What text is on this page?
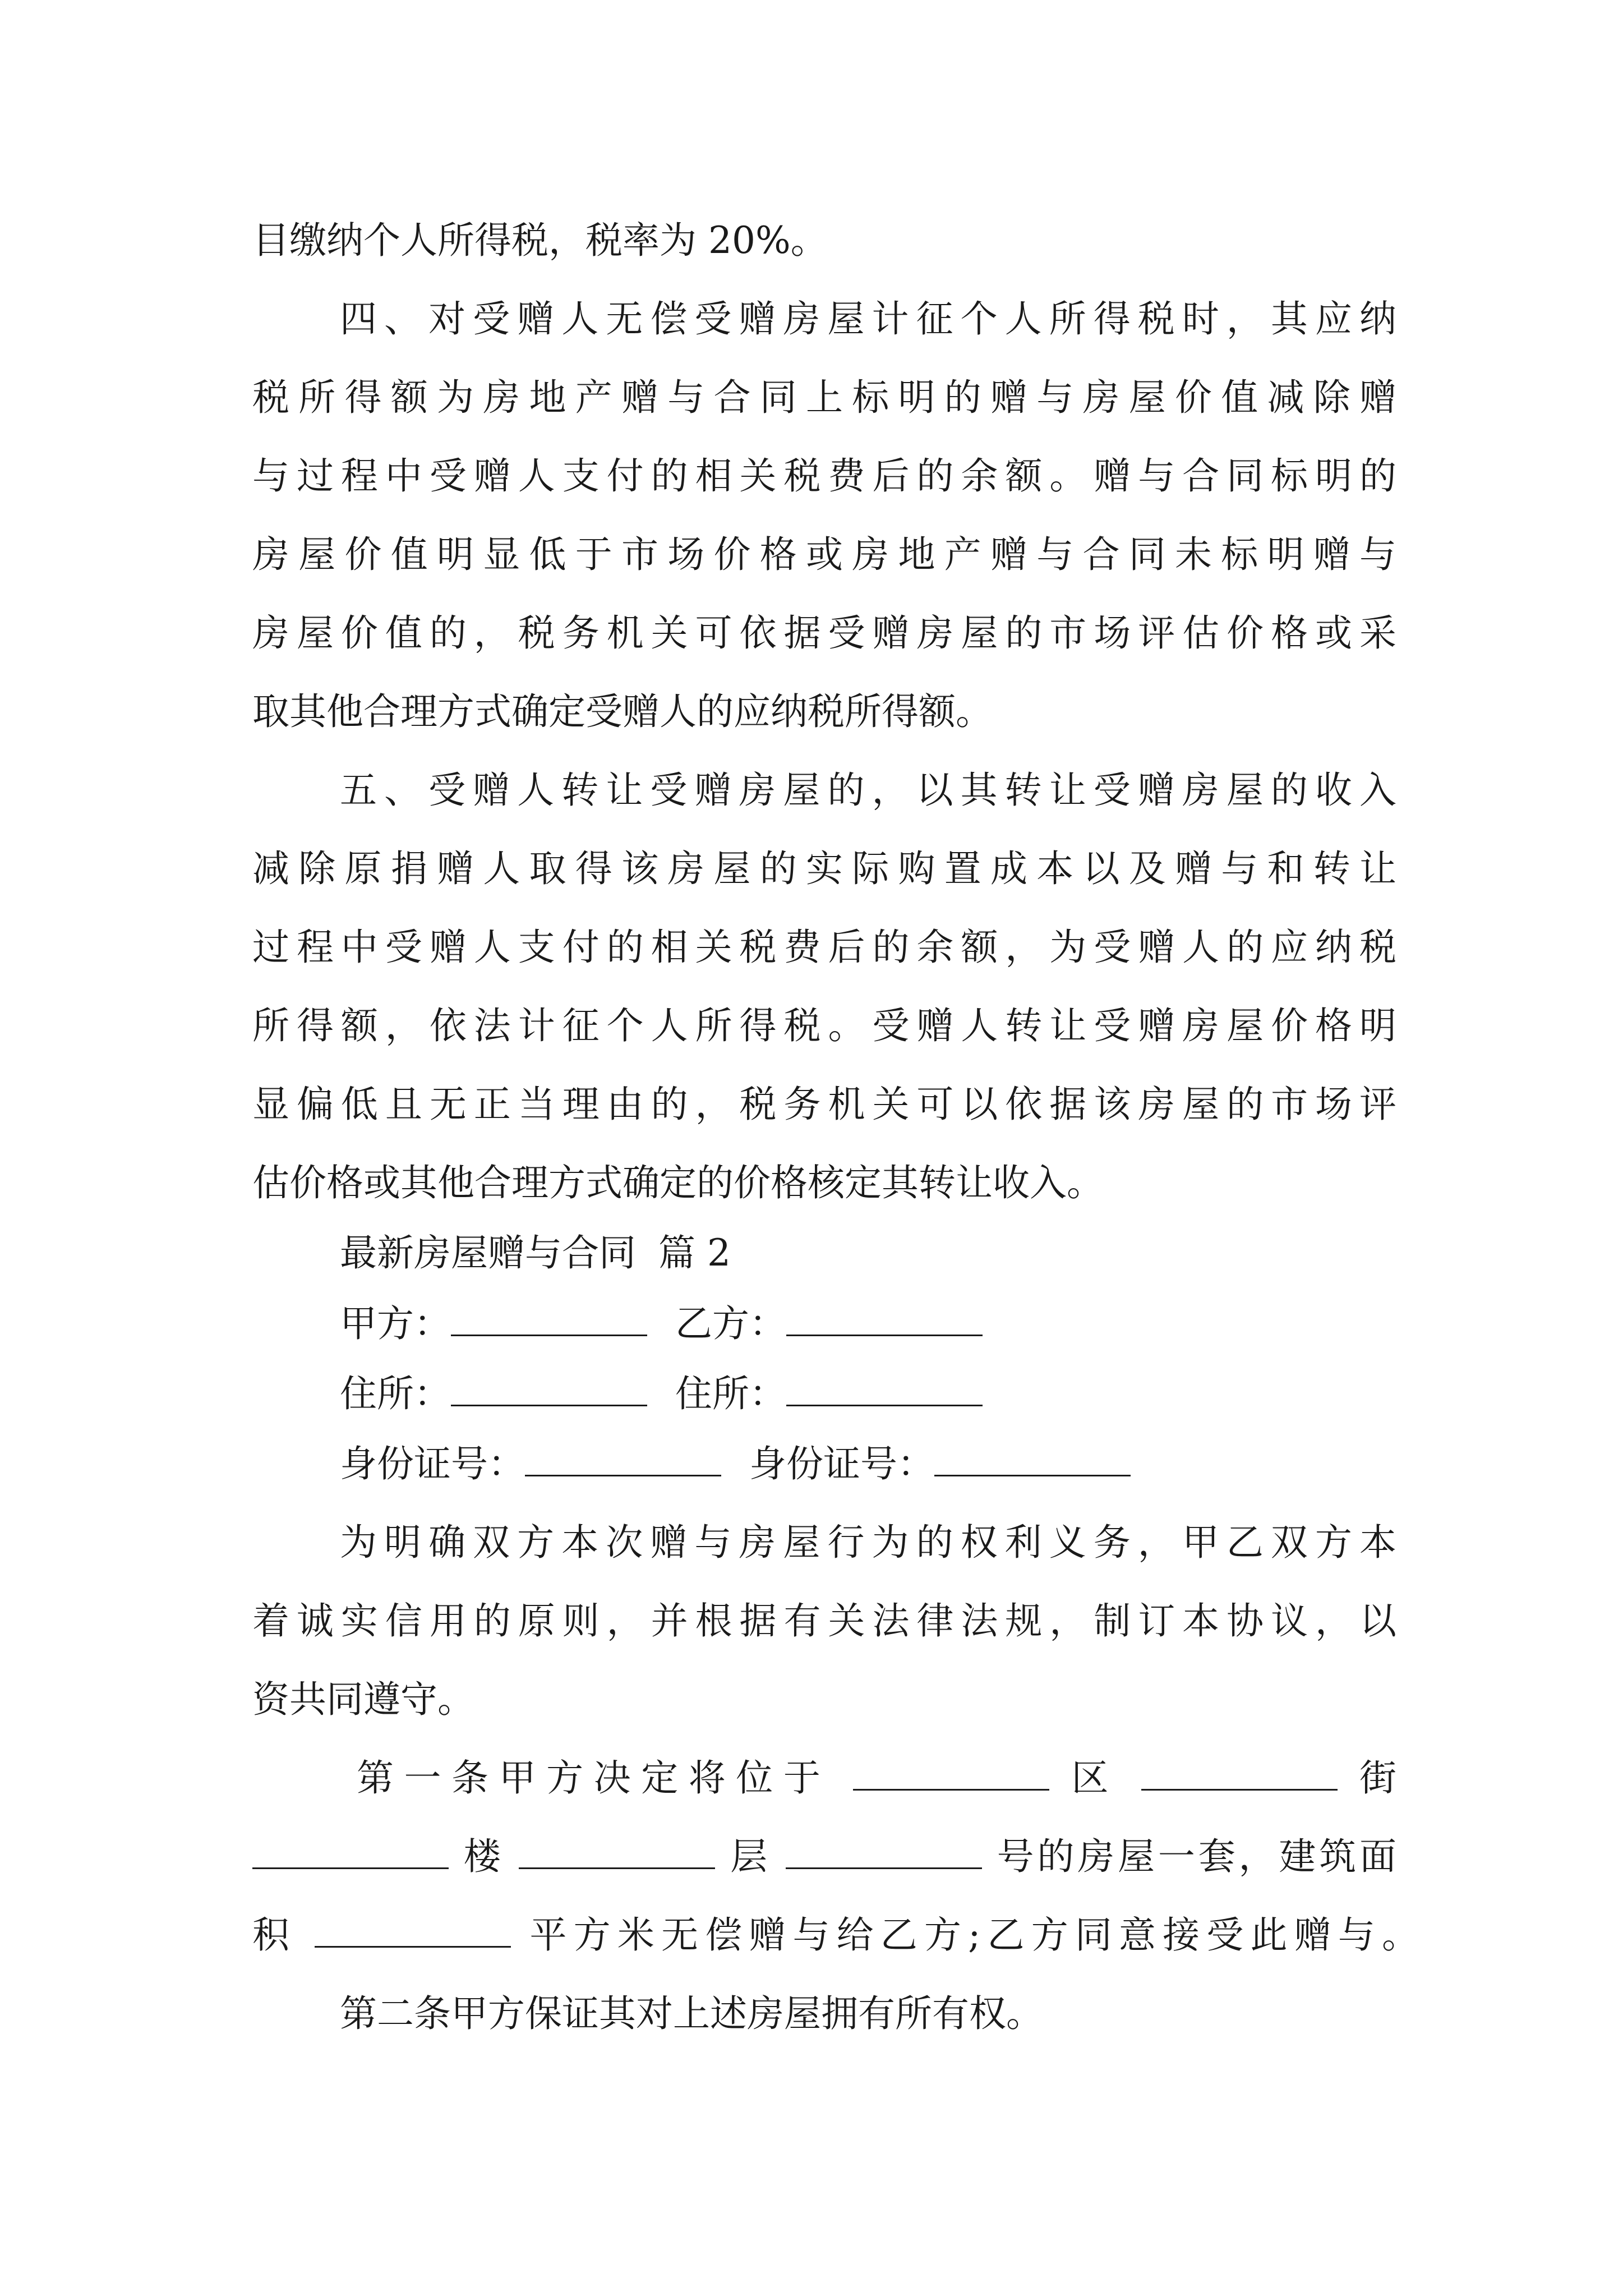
目缴纳个人所得税，税率为 20%。
四、对受赠人无偿受赠房屋计征个人所得税时，其应纳
税所得额为房地产赠与合同上标明的赠与房屋价值减除赠
与过程中受赠人支付的相关税费后的余额。赠与合同标明的
房屋价值明显低于市场价格或房地产赠与合同未标明赠与
房屋价值的，税务机关可依据受赠房屋的市场评估价格或采
取其他合理方式确定受赠人的应纳税所得额。
五、受赠人转让受赠房屋的，以其转让受赠房屋的收入
减除原捐赠人取得该房屋的实际购置成本以及赠与和转让
过程中受赠人支付的相关税费后的余额，为受赠人的应纳税
所得额，依法计征个人所得税。受赠人转让受赠房屋价格明
显偏低且无正当理由的，税务机关可以依据该房屋的市场评
估价格或其他合理方式确定的价格核定其转让收入。
最新房屋赠与合同 篇 2
甲方：	乙方：
住所：	住所：
身份证号：	身份证号：
为明确双方本次赠与房屋行为的权利义务，甲乙双方本
着诚实信用的原则，并根据有关法律法规，制订本协议，以
资共同遵守。
第一条甲方决定将位于	区	街
楼	层	号的房屋一套，建筑面
积	平方米无偿赠与给乙方;乙方同意接受此赠与。
第二条甲方保证其对上述房屋拥有所有权。
